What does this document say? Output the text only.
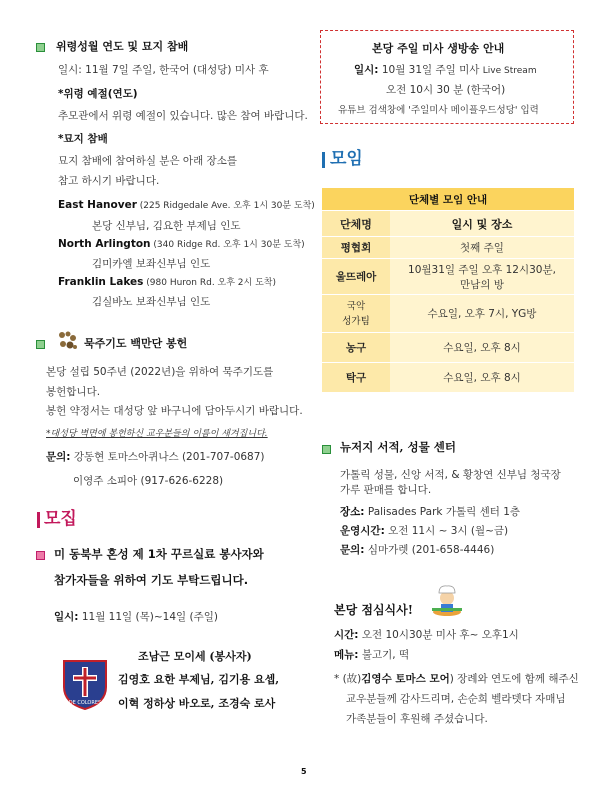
위령성월 연도 및 묘지 참배
일시: 11월 7일 주일, 한국어 (대성당) 미사 후
*위령 예절(연도)
추모관에서 위령 예절이 있습니다. 많은 참여 바랍니다.
*묘지 참배
묘지 참배에 참여하실 분은 아래 장소를
참고 하시기 바랍니다.
East Hanover (225 Ridgedale Ave. 오후 1시 30분 도착)
본당 신부님, 김요한 부제님 인도
North Arlington (340 Ridge Rd. 오후 1시 30분 도착)
김미카엘 보좌신부님 인도
Franklin Lakes (980 Huron Rd. 오후 2시 도착)
김실바노 보좌신부님 인도
묵주기도 백만단 봉헌
본당 설립 50주년 (2022년)을 위하여 묵주기도를
봉헌합니다.
봉헌 약정서는 대성당 앞 바구니에 담아두시기 바랍니다.
*대성당 벽면에 봉헌하신 교우분들의 이름이 새겨집니다.
문의: 강동현 토마스아퀴나스 (201-707-0687)
이영주 소피아 (917-626-6228)
모집
미 동북부 혼성 제 1차 꾸르실료 봉사자와
참가자들을 위하여 기도 부탁드립니다.
일시: 11월 11일 (목)~14일 (주일)
DE COLORES
조남근 모이세 (봉사자)
김영호 요한 부제님, 김기용 요셉,
이혁 정하상 바오로, 조경숙 로사
본당 주일 미사 생방송 안내
일시: 10월 31일 주일 미사 Live Stream
오전 10시 30 분 (한국어)
유튜브 검색창에 '주일미사 메이플우드성당' 입력
모임
단체별 모임 안내	
단체명	일시 및 장소
평협회	첫째 주일
울뜨레아	10월31일 주일 오후 12시30분,
만남의 방

국악
성가팀	수요일, 오후 7시, YG방
농구	수요일, 오후 8시
탁구	수요일, 오후 8시
뉴저지 서적, 성물 센터
가톨릭 성물, 신앙 서적, & 황창연 신부님 청국장
가루 판매를 합니다.
장소: Palisades Park 가톨릭 센터 1층
운영시간: 오전 11시 ~ 3시 (월~금)
문의: 심마가렛 (201-658-4446)
본당 점심식사!
시간: 오전 10시30분 미사 후~ 오후1시
메뉴: 불고기, 떡
* (故)김영수 토마스 모어) 장례와 연도에 함께 해주신
교우분들께 감사드리며, 손순희 벨라뎃다 자매님
가족분들이 후원해 주셨습니다.
5
